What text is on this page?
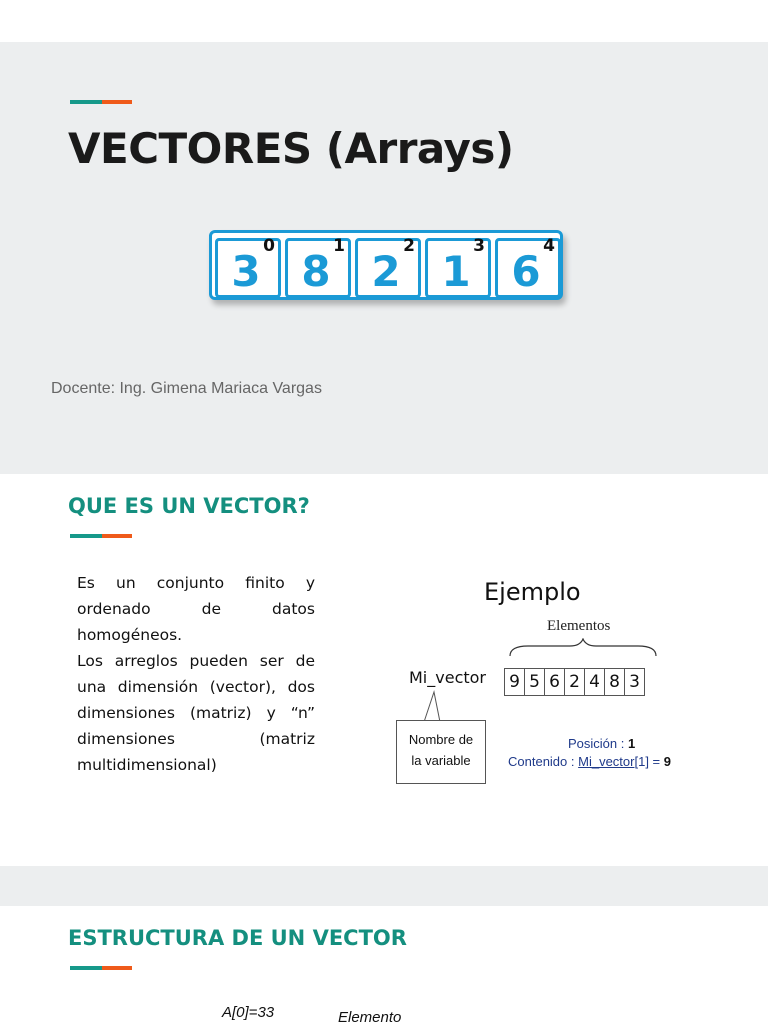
VECTORES (Arrays)
3
0
8
1
2
2
1
3
6
4

Docente: Ing. Gimena Mariaca Vargas

QUE ES UN VECTOR?

Es un conjunto finito y ordenado de datos homogéneos.

Los arreglos pueden ser de una dimensión (vector), dos dimensiones (matriz) y “n” dimensiones (matriz multidimensional)

Ejemplo
Elementos
Mi_vector 9 5 6 2 4 8 3
Nombre de
la variable
Posición : 1
Contenido : Mi_vector[1] = 9
ESTRUCTURA DE UN VECTOR
A[0]=33	Elemento
